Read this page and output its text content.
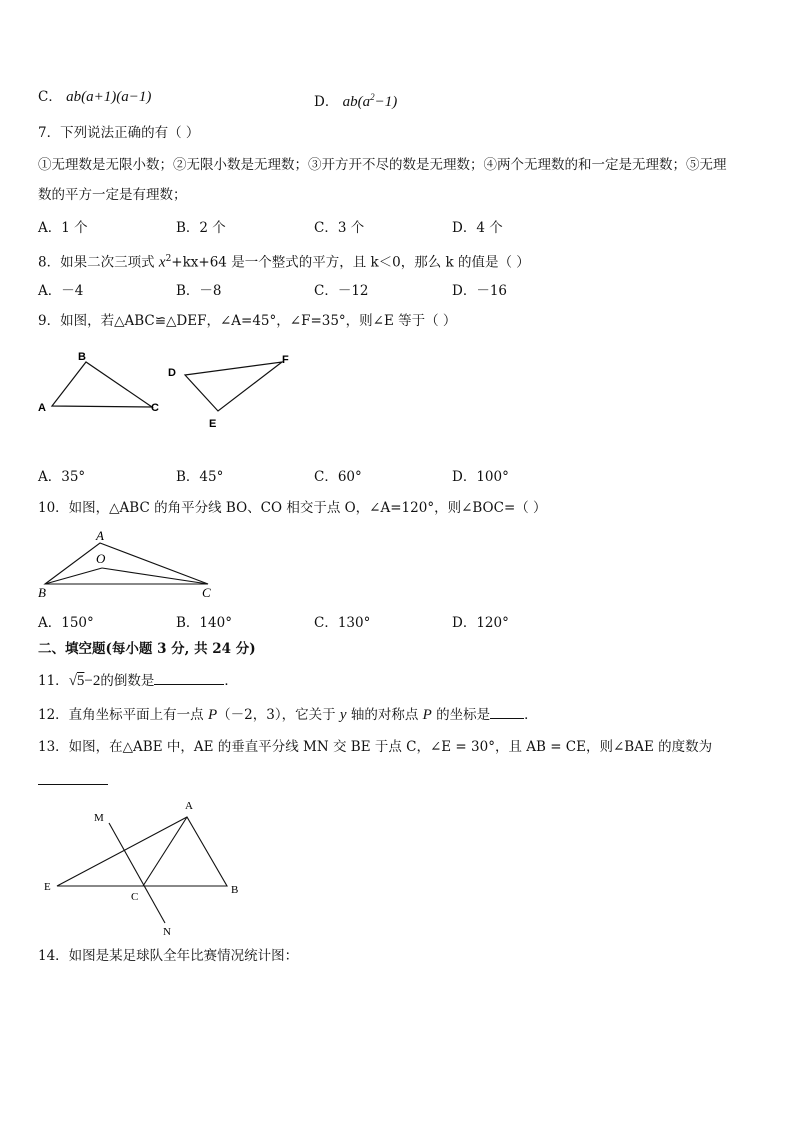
C． ab(a+1)(a−1)	D． $ab(a^2-1)$
7．下列说法正确的有（ ）
①无理数是无限小数；②无限小数是无理数；③开方开不尽的数是无理数；④两个无理数的和一定是无理数；⑤无理
数的平方一定是有理数；
A．1 个	B．2 个	C．3 个	D．4 个
8．如果二次三项式 $x^2+kx+64$ 是一个整式的平方，且 k＜0，那么 k 的值是（ ）
A．－4	B．－8	C．－12	D．－16
9．如图，若△ABC≌△DEF，∠A=45°，∠F=35°，则∠E 等于（ ）
B
A	C
D
F
E
A．35°	B．45°	C．60°	D．100°
10．如图，△ABC 的角平分线 BO、CO 相交于点 O，∠A=120°，则∠BOC=（ ）
A
O
B	C
A．150°	B．140°	C．130°	D．120°
二、填空题(每小题 3 分, 共 24 分)
11．√5−2的倒数是	．
12．直角坐标平面上有一点 P（－2，3），它关于 y 轴的对称点 P 的坐标是	．
13．如图，在△ABE 中，AE 的垂直平分线 MN 交 BE 于点 C，∠E = 30°，且 AB = CE，则∠BAE 的度数为
M
A
E
C
B
N
14．如图是某足球队全年比赛情况统计图：
